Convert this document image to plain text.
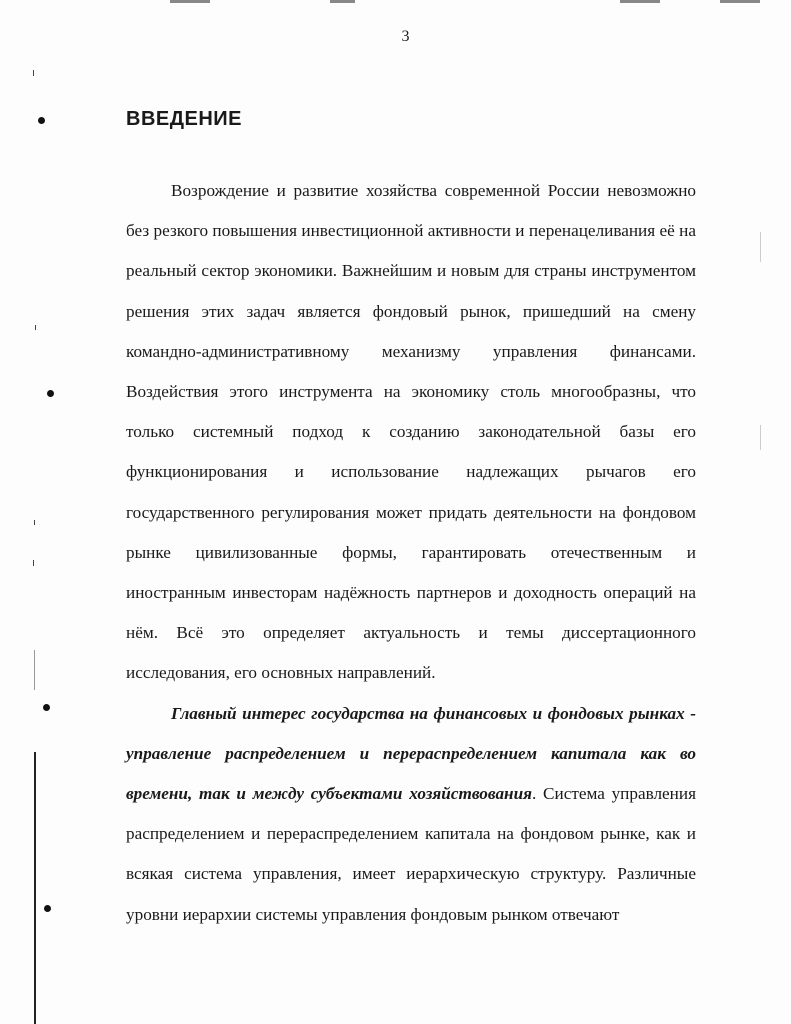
3
ВВЕДЕНИЕ

Возрождение и развитие хозяйства современной России невозможно без резкого повышения инвестиционной активности и перенацеливания её на реальный сектор экономики. Важнейшим и новым для страны инструментом решения этих задач является фондовый рынок, пришедший на смену командно-административному механизму управления финансами. Воздействия этого инструмента на экономику столь многообразны, что только системный подход к созданию законодательной базы его функционирования и использование надлежащих рычагов его государственного регулирования может придать деятельности на фондовом рынке цивилизованные формы, гарантировать отечественным и иностранным инвесторам надёжность партнеров и доходность операций на нём. Всё это определяет актуальность и темы диссертационного исследования, его основных направлений.

Главный интерес государства на финансовых и фондовых рынках - управление распределением и перераспределением капитала как во времени, так и между субъектами хозяйствования. Система управления распределением и перераспределением капитала на фондовом рынке, как и всякая система управления, имеет иерархическую структуру. Различные уровни иерархии системы управления фондовым рынком отвечают
